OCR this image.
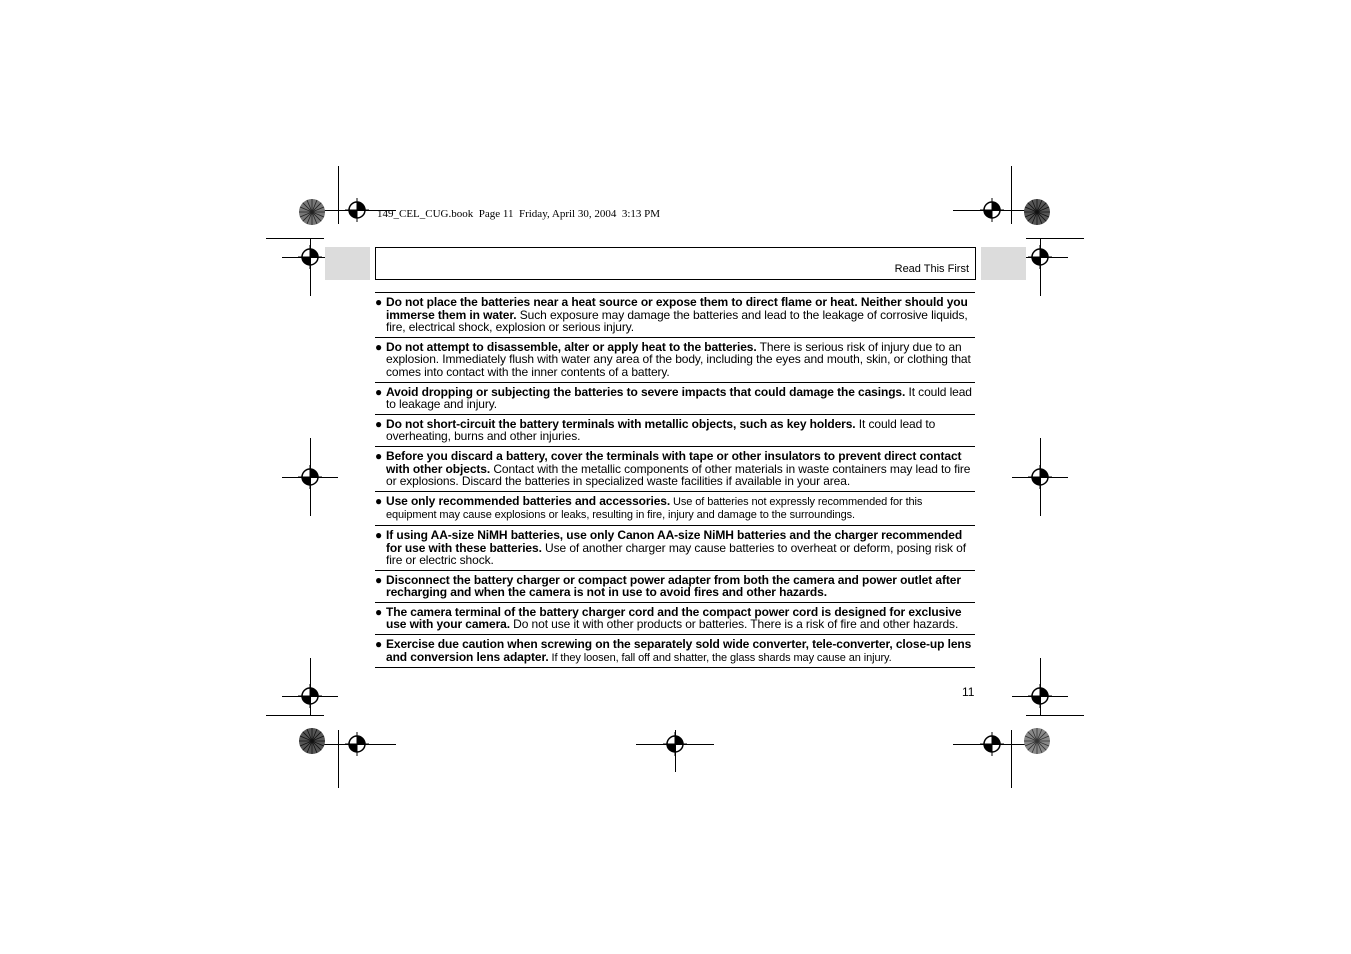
149_CEL_CUG.book  Page 11  Friday, April 30, 2004  3:13 PM
Read This First
● Do not place the batteries near a heat source or expose them to direct flame or heat. Neither should you immerse them in water. Such exposure may damage the batteries and lead to the leakage of corrosive liquids, fire, electrical shock, explosion or serious injury.
● Do not attempt to disassemble, alter or apply heat to the batteries. There is serious risk of injury due to an explosion. Immediately flush with water any area of the body, including the eyes and mouth, skin, or clothing that comes into contact with the inner contents of a battery.
● Avoid dropping or subjecting the batteries to severe impacts that could damage the casings. It could lead to leakage and injury.
● Do not short-circuit the battery terminals with metallic objects, such as key holders. It could lead to overheating, burns and other injuries.
● Before you discard a battery, cover the terminals with tape or other insulators to prevent direct contact with other objects. Contact with the metallic components of other materials in waste containers may lead to fire or explosions. Discard the batteries in specialized waste facilities if available in your area.
● Use only recommended batteries and accessories. Use of batteries not expressly recommended for this equipment may cause explosions or leaks, resulting in fire, injury and damage to the surroundings.
● If using AA-size NiMH batteries, use only Canon AA-size NiMH batteries and the charger recommended for use with these batteries. Use of another charger may cause batteries to overheat or deform, posing risk of fire or electric shock.
● Disconnect the battery charger or compact power adapter from both the camera and power outlet after recharging and when the camera is not in use to avoid fires and other hazards.
● The camera terminal of the battery charger cord and the compact power cord is designed for exclusive use with your camera. Do not use it with other products or batteries. There is a risk of fire and other hazards.
● Exercise due caution when screwing on the separately sold wide converter, tele-converter, close-up lens and conversion lens adapter. If they loosen, fall off and shatter, the glass shards may cause an injury.
11
